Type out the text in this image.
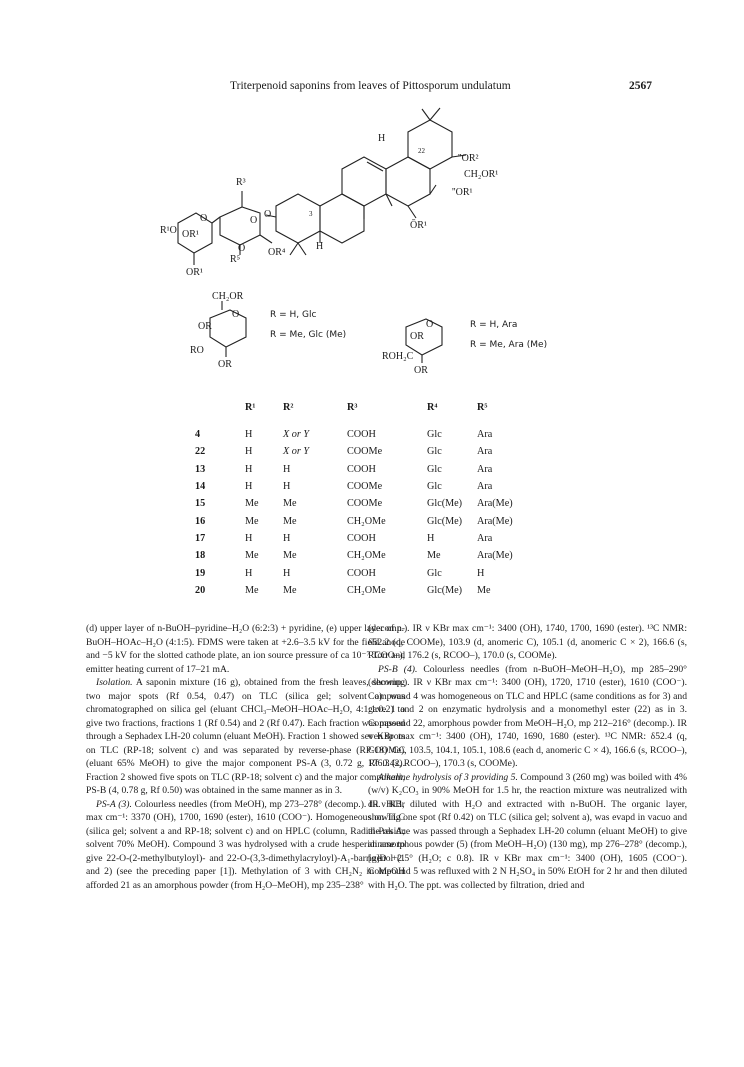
Triterpenoid saponins from leaves of Pittosporum undulatum	2567
H
22
''OR²
CH₂OR¹
''OR¹
ŌR¹
R³
3
O
H
R¹O OR¹
OR¹
O	O
O
R⁵
OR⁴
CH₂OR
O
OR
RO
OR
R = H, Glc
R = Me, Glc (Me)
O
OR
ROH₂C
OR
R = H, Ara
R = Me, Ara (Me)
	R¹	R²	R³	R⁴	R⁵
4	H	X or Y	COOH	Glc	Ara
22	H	X or Y	COOMe	Glc	Ara
13	H	H	COOH	Glc	Ara
14	H	H	COOMe	Glc	Ara
15	Me	Me	COOMe	Glc(Me)	Ara(Me)
16	Me	Me	CH₂OMe	Glc(Me)	Ara(Me)
17	H	H	COOH	H	Ara
18	Me	Me	CH₂OMe	Me	Ara(Me)
19	H	H	COOH	Glc	H
20	Me	Me	CH₂OMe	Glc(Me)	Me

(d) upper layer of n-BuOH–pyridine–H₂O (6:2:3) + pyridine, (e) upper layer of n-BuOH–HOAc–H₂O (4:1:5). FDMS were taken at +2.6–3.5 kV for the field anode and −5 kV for the slotted cathode plate, an ion source pressure of ca 10⁻⁷ Torr and emitter heating current of 17–21 mA.

Isolation. A saponin mixture (16 g), obtained from the fresh leaves, showing two major spots (Rf 0.54, 0.47) on TLC (silica gel; solvent a) was chromatographed on silica gel (eluant CHCl₃–MeOH–HOAc–H₂O, 4:1:1:0.2) to give two fractions, fractions 1 (Rf 0.54) and 2 (Rf 0.47). Each fraction was passed through a Sephadex LH-20 column (eluant MeOH). Fraction 1 showed seven spots on TLC (RP-18; solvent c) and was separated by reverse-phase (RP-18) CC (eluant 65% MeOH) to give the major component PS-A (3, 0.72 g, Rf 0.42). Fraction 2 showed five spots on TLC (RP-18; solvent c) and the major component, PS-B (4, 0.78 g, Rf 0.50) was obtained in the same manner as in 3.

PS-A (3). Colourless needles (from MeOH), mp 273–278° (decomp.). IR ν KBr max cm⁻¹: 3370 (OH), 1700, 1690 (ester), 1610 (COO⁻). Homogeneous on TLC (silica gel; solvent a and RP-18; solvent c) and on HPLC (column, Radial-Pak A; solvent 70% MeOH). Compound 3 was hydrolysed with a crude hesperidinase to give 22-O-(2-methylbutyloyl)- and 22-O-(3,3-dimethylacryloyl)-A₁-barrigenol (1 and 2) (see the preceding paper [1]). Methylation of 3 with CH₂N₂ in MeOH afforded 21 as an amorphous powder (from H₂O–MeOH), mp 235–238°

(decomp.). IR ν KBr max cm⁻¹: 3400 (OH), 1740, 1700, 1690 (ester). ¹³C NMR: δ52.2 (q, COOMe), 103.9 (d, anomeric C), 105.1 (d, anomeric C × 2), 166.6 (s, RCOO–), 176.2 (s, RCOO–), 170.0 (s, COOMe).

PS-B (4). Colourless needles (from n-BuOH–MeOH–H₂O), mp 285–290° (decomp.). IR ν KBr max cm⁻¹: 3400 (OH), 1720, 1710 (ester), 1610 (COO⁻). Compound 4 was homogeneous on TLC and HPLC (same conditions as for 3) and gave 1 and 2 on enzymatic hydrolysis and a monomethyl ester (22) as in 3. Compound 22, amorphous powder from MeOH–H₂O, mp 212–216° (decomp.). IR ν KBr max cm⁻¹: 3400 (OH), 1740, 1690, 1680 (ester). ¹³C NMR: δ52.4 (q, COOMe), 103.5, 104.1, 105.1, 108.6 (each d, anomeric C × 4), 166.6 (s, RCOO–), 176.3 (s, RCOO–), 170.3 (s, COOMe).

Alkaline hydrolysis of 3 providing 5. Compound 3 (260 mg) was boiled with 4% (w/v) K₂CO₃ in 90% MeOH for 1.5 hr, the reaction mixture was neutralized with dil. HCl, diluted with H₂O and extracted with n-BuOH. The organic layer, showing one spot (Rf 0.42) on TLC (silica gel; solvent a), was evapd in vacuo and the residue was passed through a Sephadex LH-20 column (eluant MeOH) to give an amorphous powder (5) (from MeOH–H₂O) (130 mg), mp 276–278° (decomp.), [α]D +2.5° (H₂O; c 0.8). IR ν KBr max cm⁻¹: 3400 (OH), 1605 (COO⁻). Compound 5 was refluxed with 2 N H₂SO₄ in 50% EtOH for 2 hr and then diluted with H₂O. The ppt. was collected by filtration, dried and
